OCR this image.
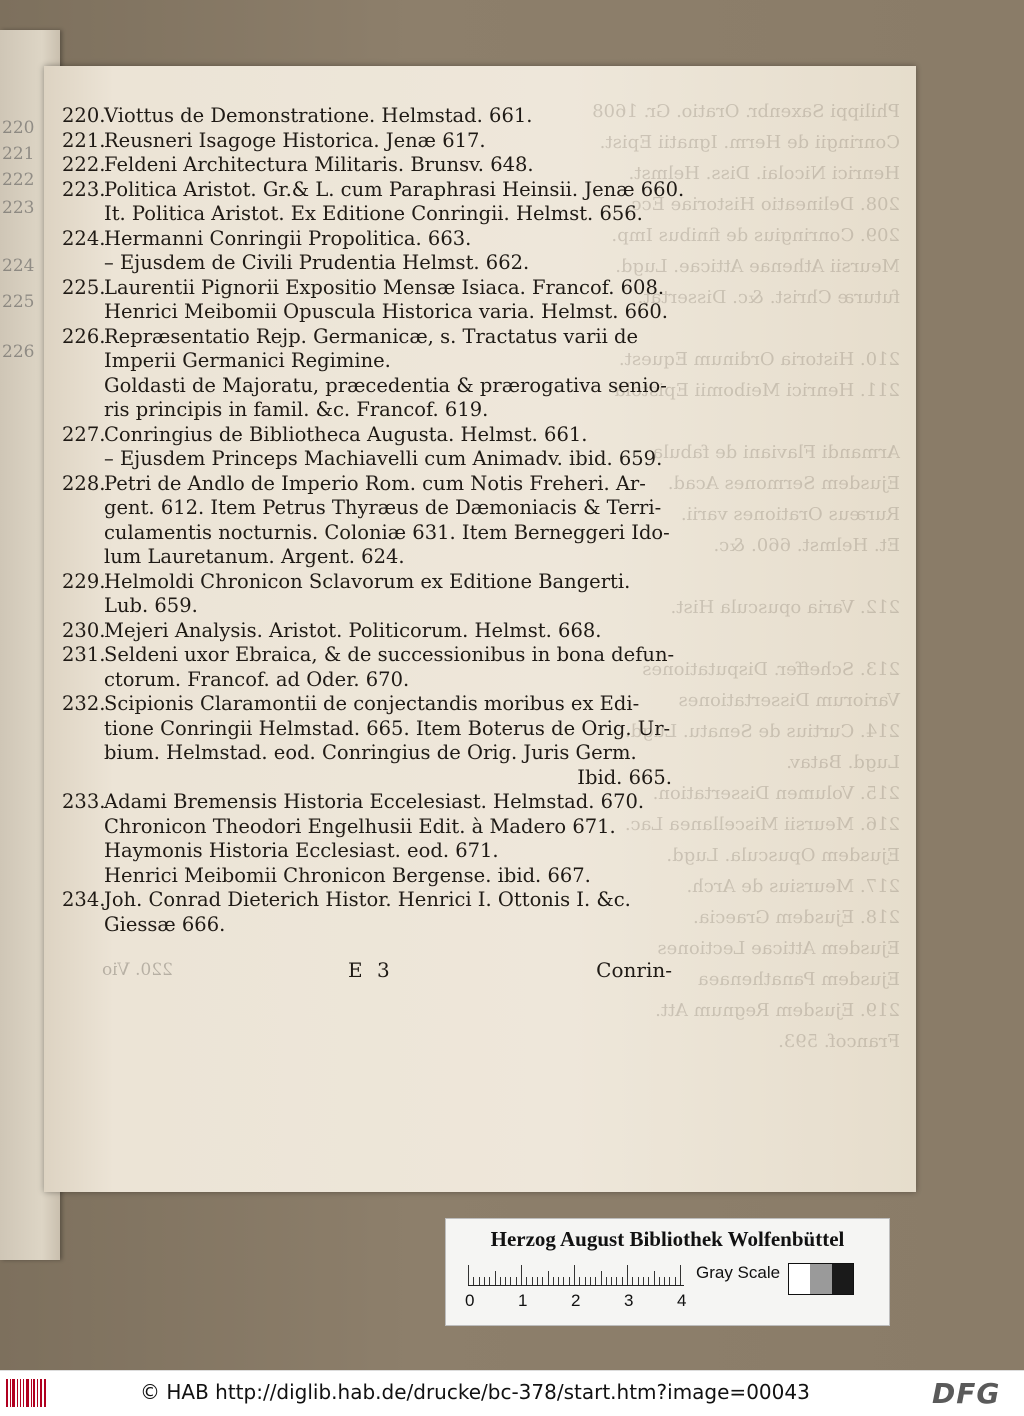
220
221
222
223
224
225
226
Philippi Saxenbr. Oratio. Gr. 1608
Conringii de Herm. Ignatii Epist.
Henrici Nicolai. Diss. Helmst.
208. Delineatio Historiae Ecc.
209. Conringius de finibus Imp.
Meursii Athenae Atticae. Lugd.
futuræ Christ. &c. Dissertat.

210. Historia Ordinum Equest.
211. Henrici Meibomii Epistola

Armandi Flaviani de fabula
Ejusdem Sermones Acad.
Ruræus Orationes varii.
Et. Helmst. 660. &c.

212. Varia opuscula Hist.

213. Scheffer. Disputationes
Variorum Dissertationes
214. Curtius de Senatu. Lugd.
Lugd. Batav.
215. Volumen Dissertation.
216. Meursii Miscellanea Lac.
Ejusdem Opuscula. Lugd.
217. Meursius de Arch.
218. Ejusdem Graecia.
Ejusdem Atticae Lectiones
Ejusdem Panathenaea
219. Ejusdem Regnum Att.
Francof. 593.
220.
Viottus de Demonstratione. Helmstad. 661.
221.
Reusneri Isagoge Historica. Jenæ 617.
222.
Feldeni Architectura Militaris. Brunsv. 648.
223.
Politica Aristot. Gr.& L. cum Paraphrasi Heinsii. Jenæ 660.
It. Politica Aristot. Ex Editione Conringii. Helmst. 656.
224.
Hermanni Conringii Propolitica. 663.
– Ejusdem de Civili Prudentia Helmst. 662.
225.
Laurentii Pignorii Expositio Mensæ Isiaca. Francof. 608.
Henrici Meibomii Opuscula Historica varia. Helmst. 660.
226.
Repræsentatio Rejp. Germanicæ, s. Tractatus varii de
Imperii Germanici Regimine.
Goldasti de Majoratu, præcedentia & prærogativa senio-
ris principis in famil. &c. Francof. 619.
227.
Conringius de Bibliotheca Augusta. Helmst. 661.
– Ejusdem Princeps Machiavelli cum Animadv. ibid. 659.
228.
Petri de Andlo de Imperio Rom. cum Notis Freheri. Ar-
gent. 612. Item Petrus Thyræus de Dæmoniacis & Terri-
culamentis nocturnis. Coloniæ 631. Item Berneggeri Ido-
lum Lauretanum. Argent. 624.
229.
Helmoldi Chronicon Sclavorum ex Editione Bangerti.
Lub. 659.
230.
Mejeri Analysis. Aristot. Politicorum. Helmst. 668.
231.
Seldeni uxor Ebraica, & de successionibus in bona defun-
ctorum. Francof. ad Oder. 670.
232.
Scipionis Claramontii de conjectandis moribus ex Edi-
tione Conringii Helmstad. 665. Item Boterus de Orig. Ur-
bium. Helmstad. eod. Conringius de Orig. Juris Germ.
Ibid. 665.
233.
Adami Bremensis Historia Eccelesiast. Helmstad. 670.
Chronicon Theodori Engelhusii Edit. à Madero 671.
Haymonis Historia Ecclesiast. eod. 671.
Henrici Meibomii Chronicon Bergense. ibid. 667.
234.
Joh. Conrad Dieterich Histor. Henrici I. Ottonis I. &c.
Giessæ 666.
220. Vio	E 3	Conrin-
Herzog August Bibliothek Wolfenbüttel
0	1	2	3	4
Gray Scale
© HAB http://diglib.hab.de/drucke/bc-378/start.htm?image=00043	DFG
